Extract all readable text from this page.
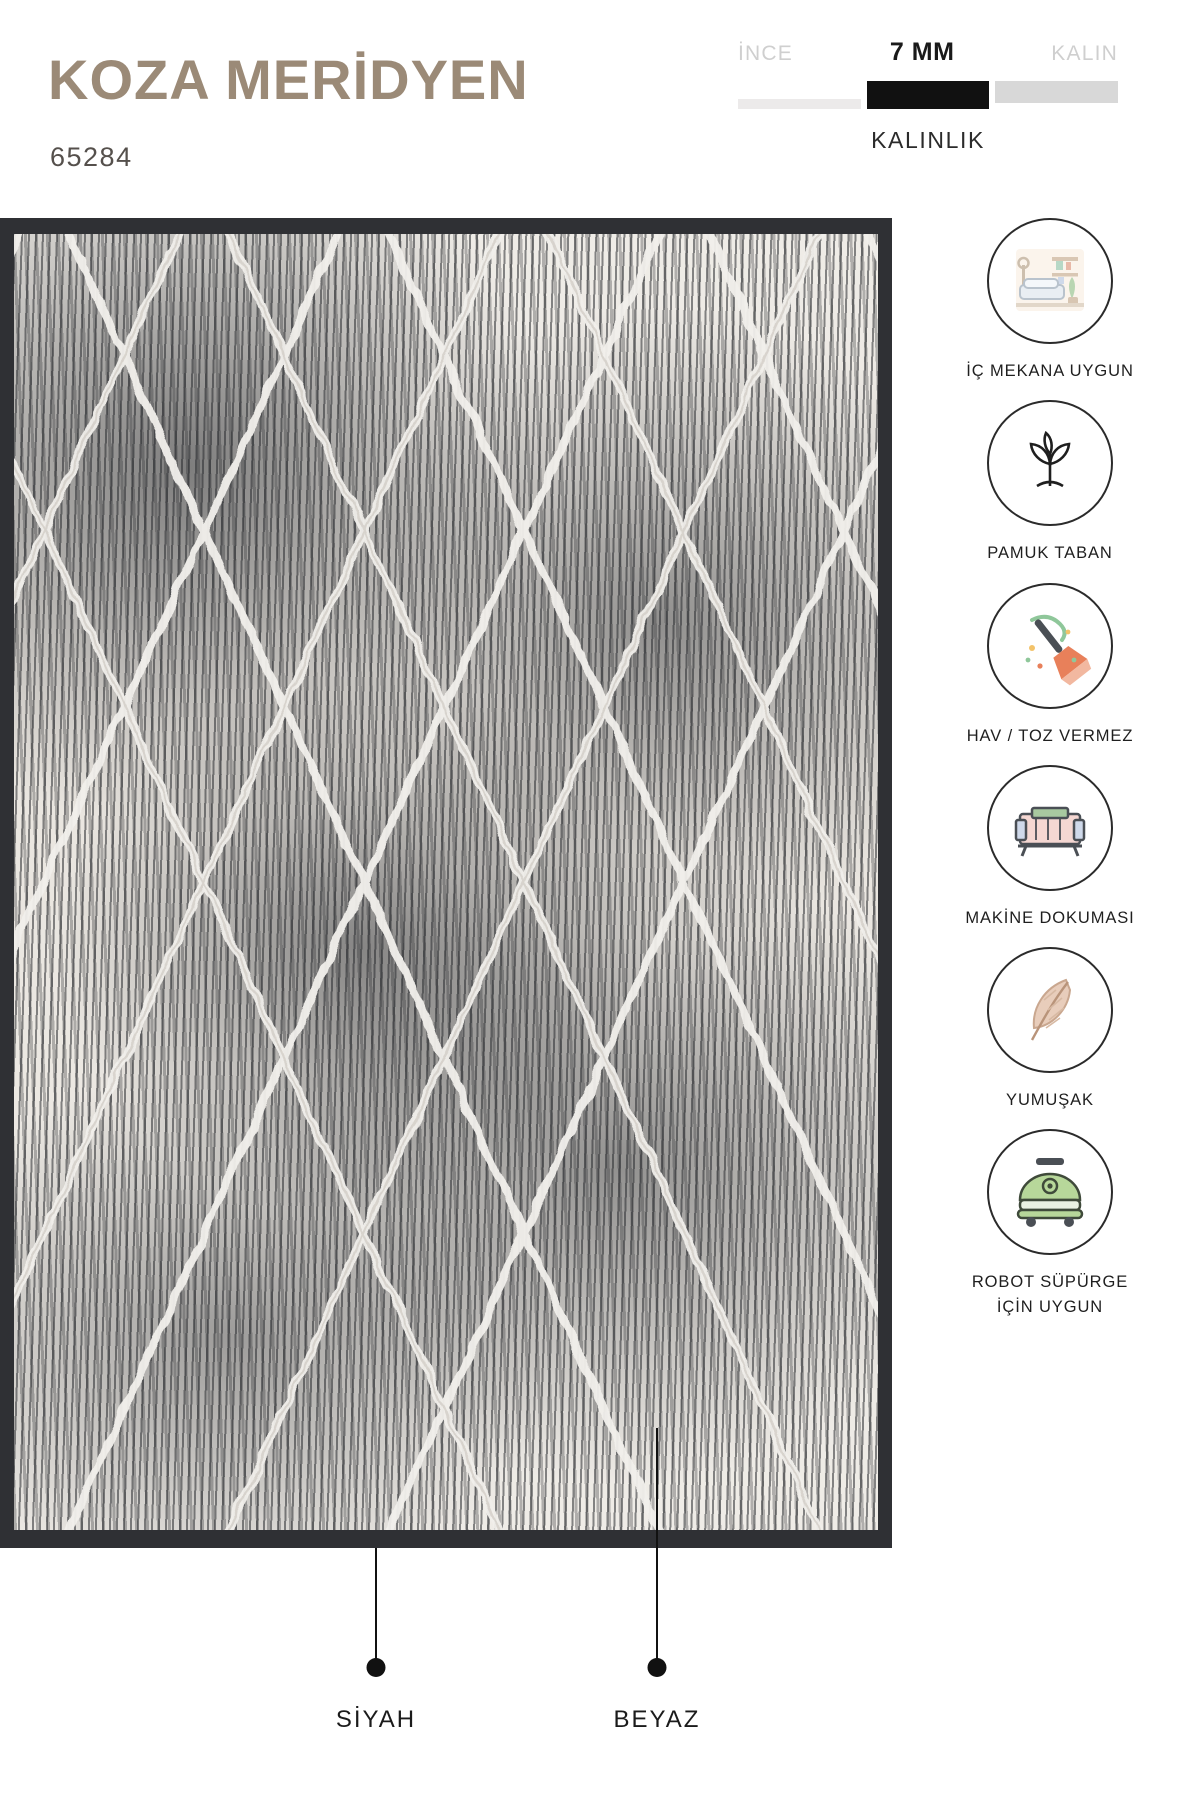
KOZA MERİDYEN
65284
İNCE	7 MM	KALIN
KALINLIK
İÇ MEKANA UYGUN
PAMUK TABAN
HAV / TOZ VERMEZ
MAKİNE DOKUMASI
YUMUŞAK
ROBOT SÜPÜRGE
İÇİN UYGUN
SİYAH	BEYAZ
